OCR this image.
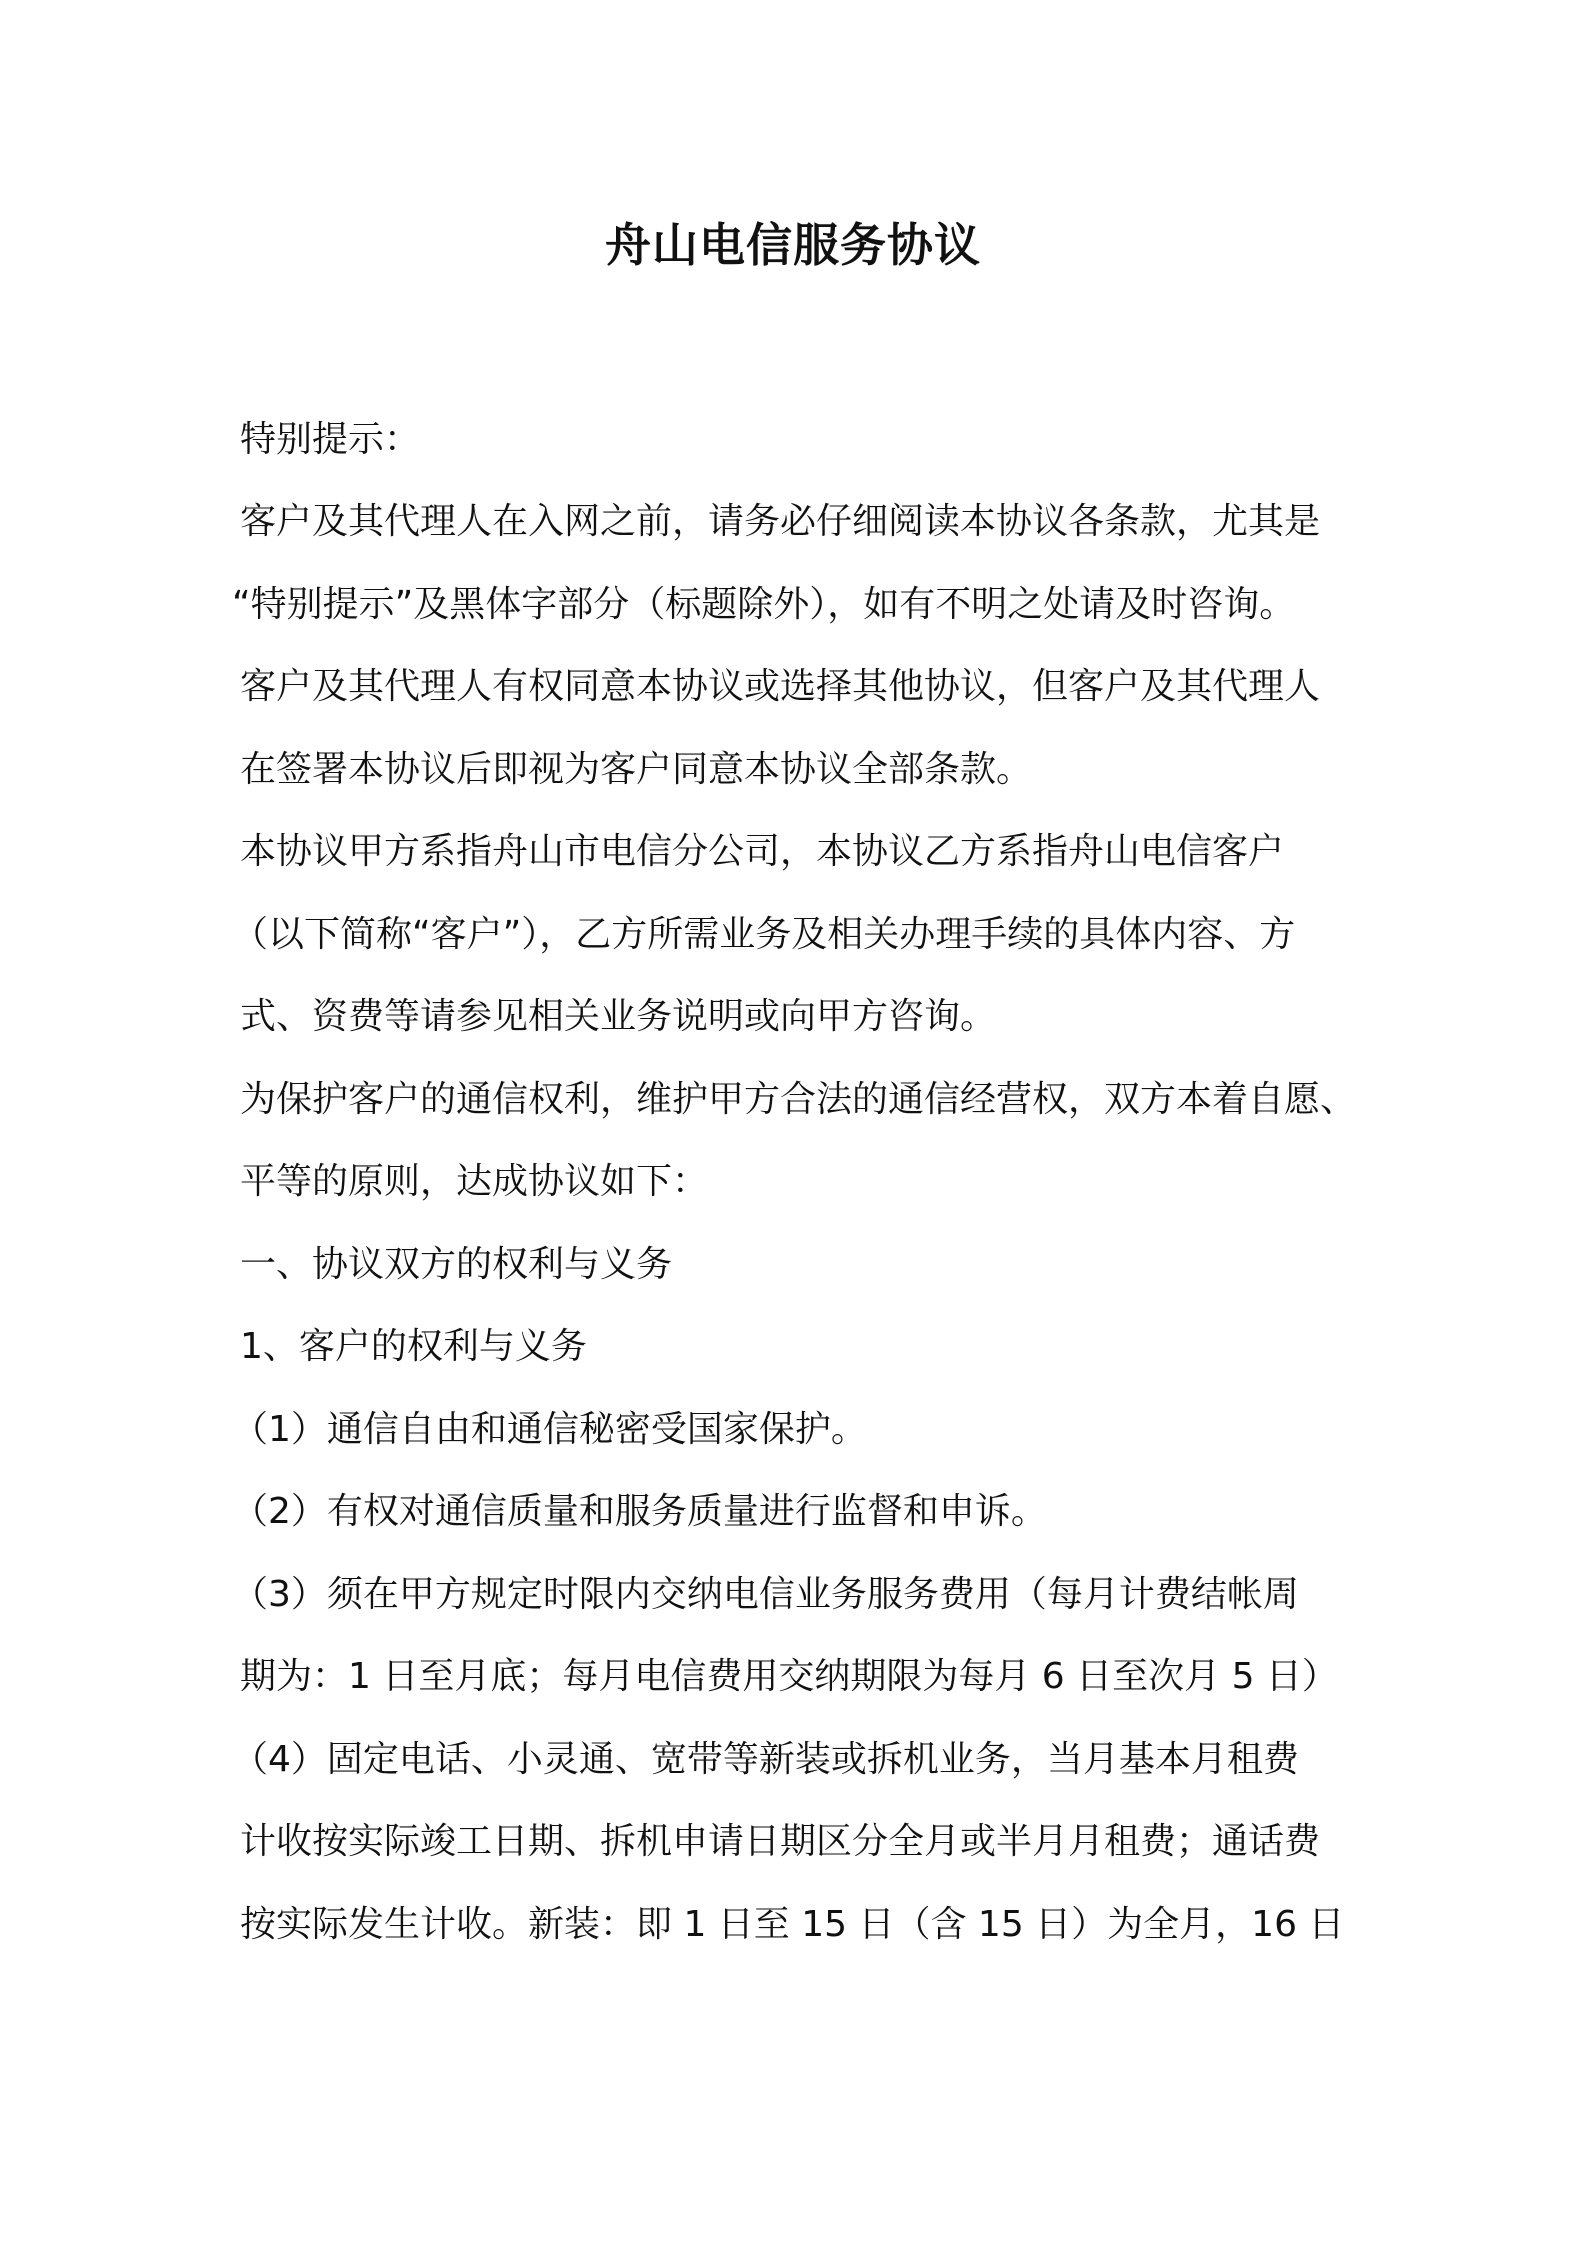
舟山电信服务协议
特别提示：
客户及其代理人在入网之前，请务必仔细阅读本协议各条款，尤其是
“特别提示”及黑体字部分（标题除外），如有不明之处请及时咨询。
客户及其代理人有权同意本协议或选择其他协议，但客户及其代理人
在签署本协议后即视为客户同意本协议全部条款。
本协议甲方系指舟山市电信分公司，本协议乙方系指舟山电信客户
（以下简称“客户”），乙方所需业务及相关办理手续的具体内容、方
式、资费等请参见相关业务说明或向甲方咨询。
为保护客户的通信权利，维护甲方合法的通信经营权，双方本着自愿、
平等的原则，达成协议如下：
一、协议双方的权利与义务
1、客户的权利与义务
（1）通信自由和通信秘密受国家保护。
（2）有权对通信质量和服务质量进行监督和申诉。
（3）须在甲方规定时限内交纳电信业务服务费用（每月计费结帐周
期为：1 日至月底；每月电信费用交纳期限为每月 6 日至次月 5 日）
（4）固定电话、小灵通、宽带等新装或拆机业务，当月基本月租费
计收按实际竣工日期、拆机申请日期区分全月或半月月租费；通话费
按实际发生计收。新装：即 1 日至 15 日（含 15 日）为全月，16 日
